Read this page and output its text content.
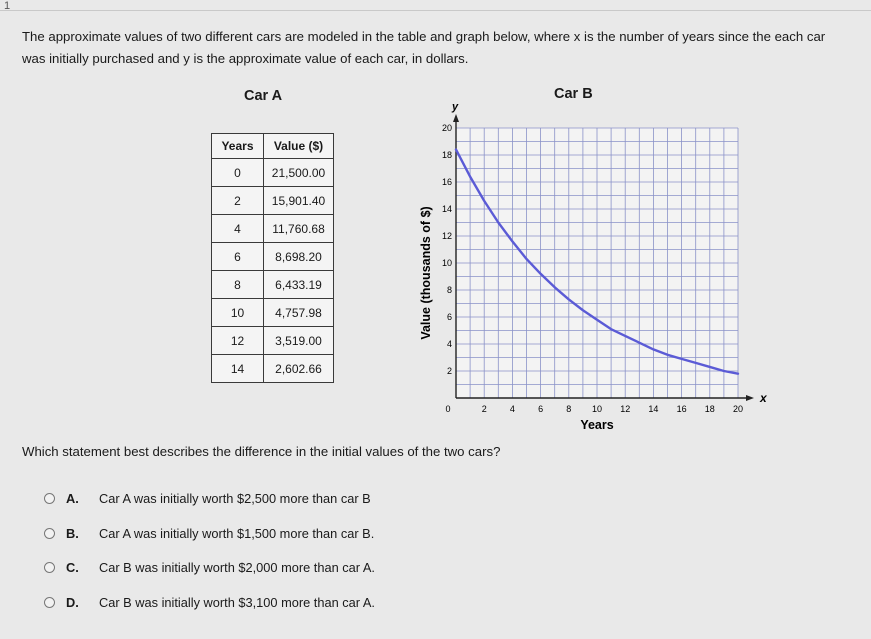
1
The approximate values of two different cars are modeled in the table and graph below, where x is the number of years since the each car was initially purchased and y is the approximate value of each car, in dollars.
Car A	Car B
Years	Value ($)
0	21,500.00
2	15,901.40
4	11,760.68
6	8,698.20
8	6,433.19
10	4,757.98
12	3,519.00
14	2,602.66
x
y
0	2	4	6	8 10 12 14 16 18 20
2
4
6
8
10
12
14
16
18
20
Years
Value (thousands of $)
Which statement best describes the difference in the initial values of the two cars?
A.	Car A was initially worth $2,500 more than car B
B.	Car A was initially worth $1,500 more than car B.
C.	Car B was initially worth $2,000 more than car A.
D.	Car B was initially worth $3,100 more than car A.
